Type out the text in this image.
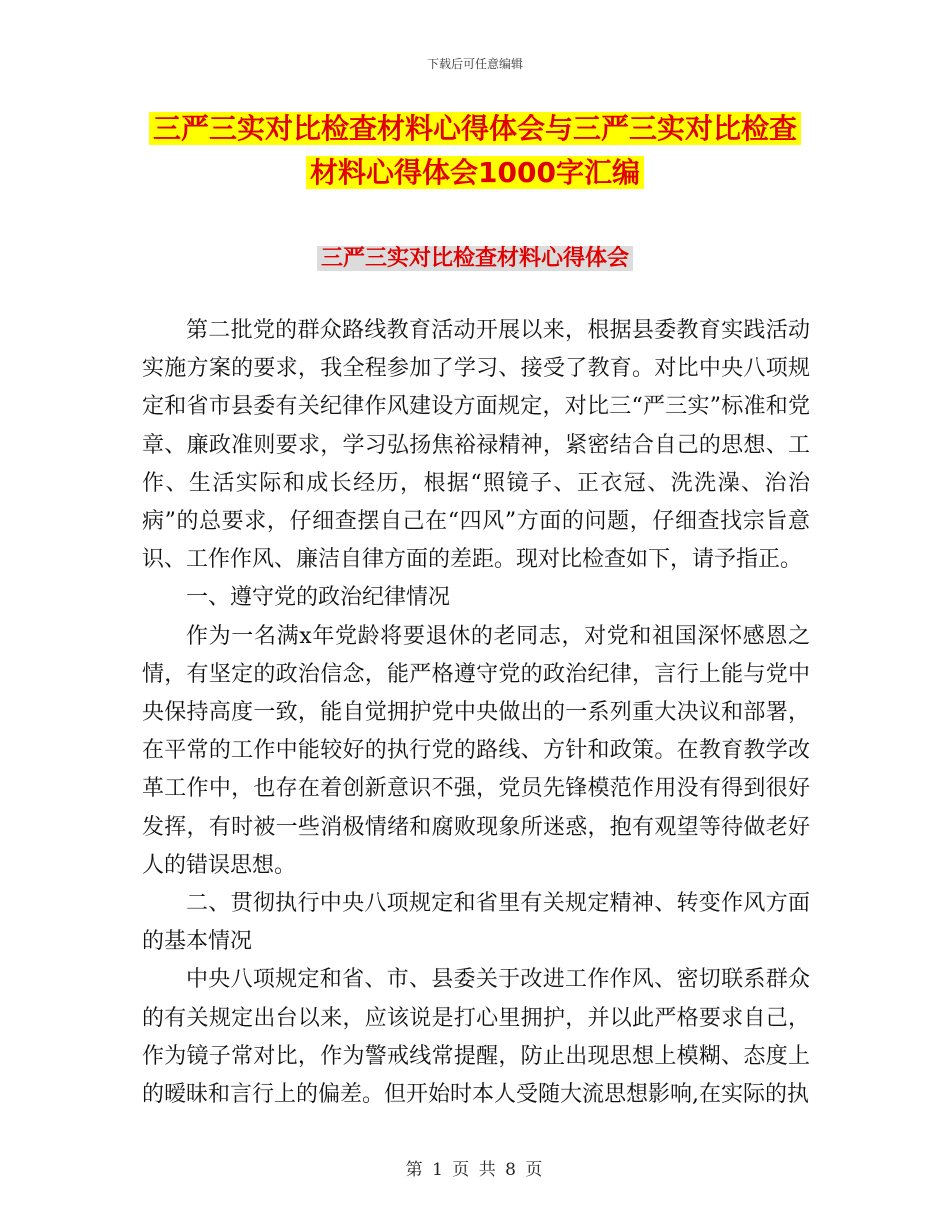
下载后可任意编辑
三严三实对比检查材料心得体会与三严三实对比检查
材料心得体会1000字汇编
三严三实对比检查材料心得体会

第二批党的群众路线教育活动开展以来，根据县委教育实践活动实施方案的要求，我全程参加了学习、接受了教育。对比中央八项规定和省市县委有关纪律作风建设方面规定，对比三“严三实”标准和党章、廉政准则要求，学习弘扬焦裕禄精神，紧密结合自己的思想、工作、生活实际和成长经历，根据“照镜子、正衣冠、洗洗澡、治治病”的总要求，仔细查摆自己在“四风”方面的问题，仔细查找宗旨意识、工作作风、廉洁自律方面的差距。现对比检查如下，请予指正。

一、遵守党的政治纪律情况

作为一名满x年党龄将要退休的老同志，对党和祖国深怀感恩之情，有坚定的政治信念，能严格遵守党的政治纪律，言行上能与党中央保持高度一致，能自觉拥护党中央做出的一系列重大决议和部署，在平常的工作中能较好的执行党的路线、方针和政策。在教育教学改革工作中，也存在着创新意识不强，党员先锋模范作用没有得到很好发挥，有时被一些消极情绪和腐败现象所迷惑，抱有观望等待做老好人的错误思想。

二、贯彻执行中央八项规定和省里有关规定精神、转变作风方面的基本情况

中央八项规定和省、市、县委关于改进工作作风、密切联系群众的有关规定出台以来，应该说是打心里拥护，并以此严格要求自己，作为镜子常对比，作为警戒线常提醒，防止出现思想上模糊、态度上的暧昧和言行上的偏差。但开始时本人受随大流思想影响,在实际的执

第 1 页 共 8 页
